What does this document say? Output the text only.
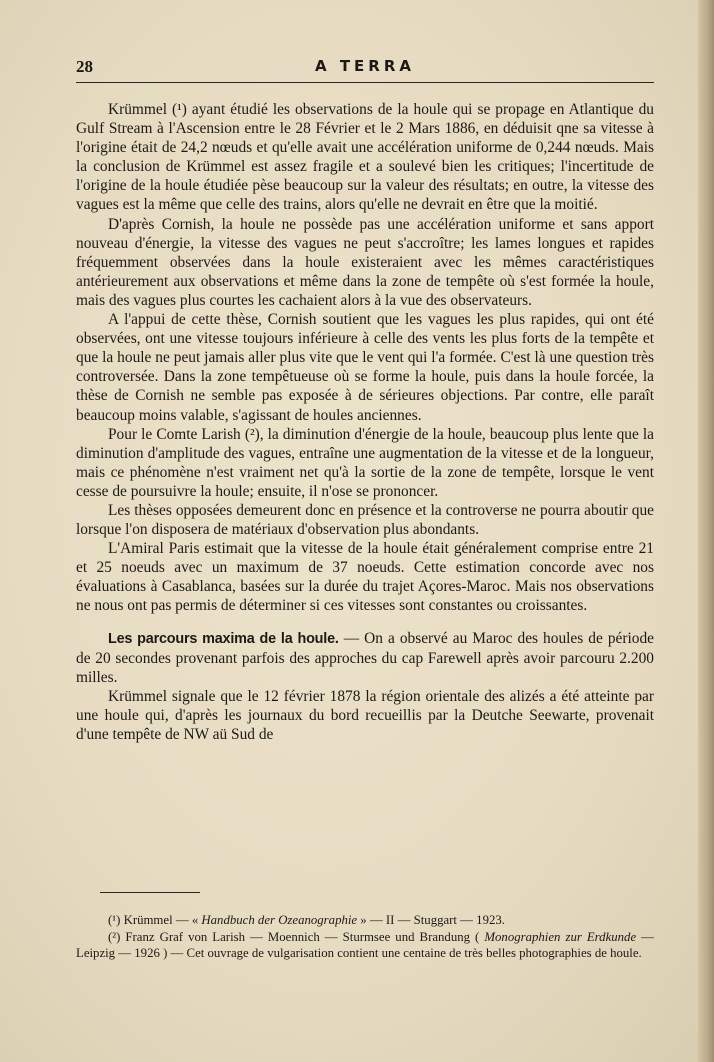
28	A TERRA

Krümmel (¹) ayant étudié les observations de la houle qui se propage en Atlantique du Gulf Stream à l'Ascension entre le 28 Février et le 2 Mars 1886, en déduisit qne sa vitesse à l'origine était de 24,2 nœuds et qu'elle avait une accélération uniforme de 0,244 nœuds. Mais la conclusion de Krümmel est assez fragile et a soulevé bien les critiques; l'incertitude de l'origine de la houle étudiée pèse beaucoup sur la valeur des résultats; en outre, la vitesse des vagues est la même que celle des trains, alors qu'elle ne devrait en être que la moitié.

D'après Cornish, la houle ne possède pas une accélération uniforme et sans apport nouveau d'énergie, la vitesse des vagues ne peut s'accroître; les lames longues et rapides fréquemment observées dans la houle existeraient avec les mêmes caractéristiques antérieurement aux observations et même dans la zone de tempête où s'est formée la houle, mais des vagues plus courtes les cachaient alors à la vue des observateurs.

A l'appui de cette thèse, Cornish soutient que les vagues les plus rapides, qui ont été observées, ont une vitesse toujours inférieure à celle des vents les plus forts de la tempête et que la houle ne peut jamais aller plus vite que le vent qui l'a formée. C'est là une question très controversée. Dans la zone tempêtueuse où se forme la houle, puis dans la houle forcée, la thèse de Cornish ne semble pas exposée à de sérieures objections. Par contre, elle paraît beaucoup moins valable, s'agissant de houles anciennes.

Pour le Comte Larish (²), la diminution d'énergie de la houle, beaucoup plus lente que la diminution d'amplitude des vagues, entraîne une augmentation de la vitesse et de la longueur, mais ce phénomène n'est vraiment net qu'à la sortie de la zone de tempête, lorsque le vent cesse de poursuivre la houle; ensuite, il n'ose se prononcer.

Les thèses opposées demeurent donc en présence et la controverse ne pourra aboutir que lorsque l'on disposera de matériaux d'observation plus abondants.

L'Amiral Paris estimait que la vitesse de la houle était généralement comprise entre 21 et 25 noeuds avec un maximum de 37 noeuds. Cette estimation concorde avec nos évaluations à Casablanca, basées sur la durée du trajet Açores-Maroc. Mais nos observations ne nous ont pas permis de déterminer si ces vitesses sont constantes ou croissantes.

Les parcours maxima de la houle. — On a observé au Maroc des houles de période de 20 secondes provenant parfois des approches du cap Farewell après avoir parcouru 2.200 milles.

Krümmel signale que le 12 février 1878 la région orientale des alizés a été atteinte par une houle qui, d'après les journaux du bord recueillis par la Deutche Seewarte, provenait d'une tempête de NW aü Sud de

(¹) Krümmel — « Handbuch der Ozeanographie » — II — Stuggart — 1923.

(²) Franz Graf von Larish — Moennich — Sturmsee und Brandung ( Monographien zur Erdkunde — Leipzig — 1926 ) — Cet ouvrage de vulgarisation contient une centaine de très belles photographies de houle.
